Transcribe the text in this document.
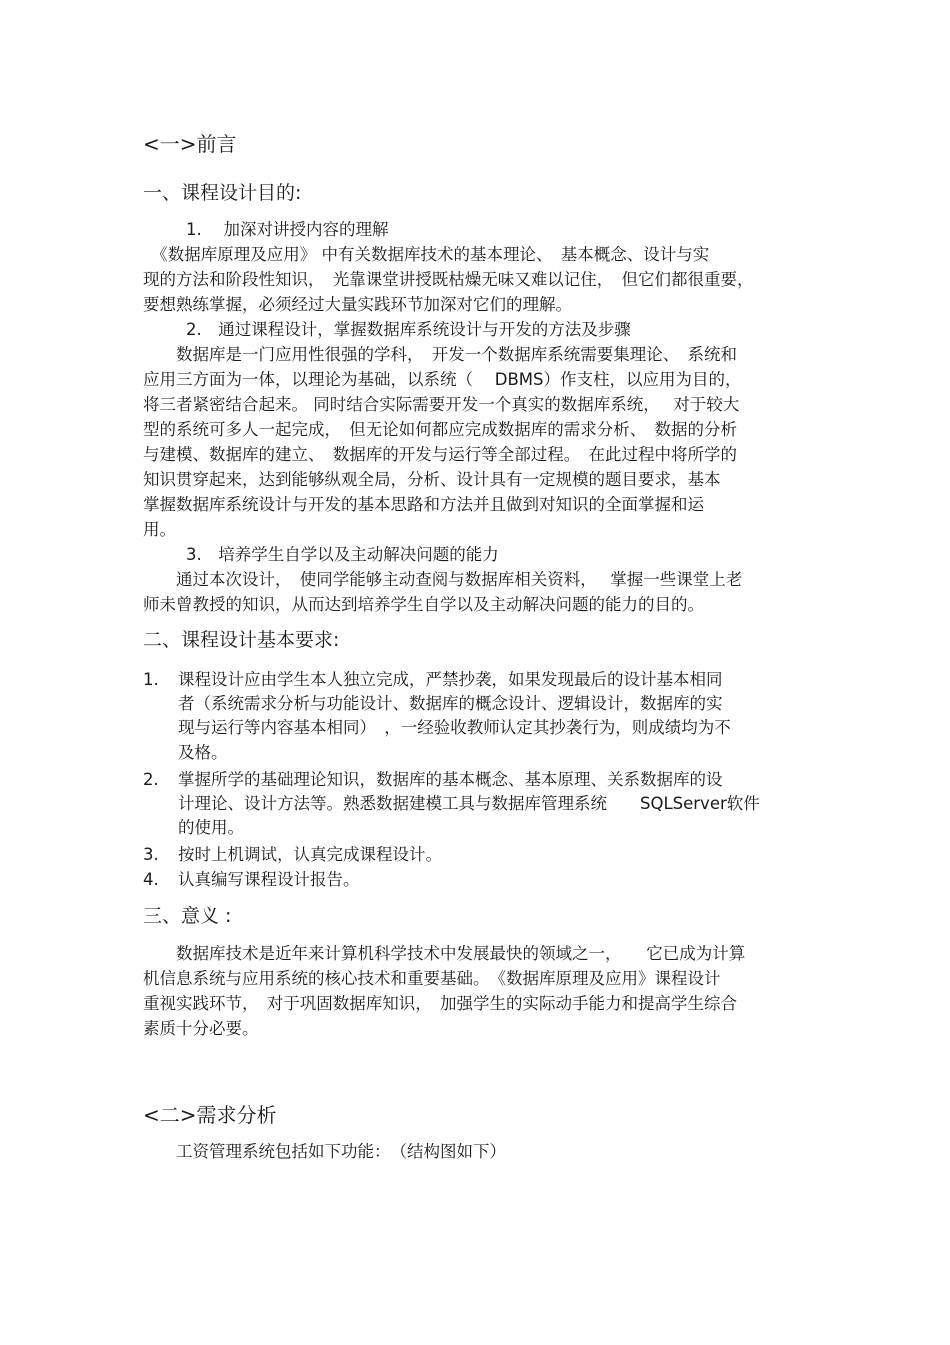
<一>前言
一、课程设计目的:
1.　 加深对讲授内容的理解
　《数据库原理及应用》 中有关数据库技术的基本理论、　基本概念、设计与实
现的方法和阶段性知识，　光靠课堂讲授既枯燥无味又难以记住，　但它们都很重要，
要想熟练掌握，必须经过大量实践环节加深对它们的理解。
2.　通过课程设计，掌握数据库系统设计与开发的方法及步骤
　　数据库是一门应用性很强的学科，　开发一个数据库系统需要集理论、　系统和
应用三方面为一体，以理论为基础，以系统（　 DBMS）作支柱，以应用为目的，
将三者紧密结合起来。 同时结合实际需要开发一个真实的数据库系统，　 对于较大
型的系统可多人一起完成，　但无论如何都应完成数据库的需求分析、　数据的分析
与建模、数据库的建立、　数据库的开发与运行等全部过程。　在此过程中将所学的
知识贯穿起来，达到能够纵观全局，分析、设计具有一定规模的题目要求，基本
掌握数据库系统设计与开发的基本思路和方法并且做到对知识的全面掌握和运
用。
3.　培养学生自学以及主动解决问题的能力
　　通过本次设计，　使同学能够主动查阅与数据库相关资料，　 掌握一些课堂上老
师未曾教授的知识，从而达到培养学生自学以及主动解决问题的能力的目的。
二、课程设计基本要求:
1. 课程设计应由学生本人独立完成，严禁抄袭，如果发现最后的设计基本相同
者（系统需求分析与功能设计、数据库的概念设计、逻辑设计，数据库的实
现与运行等内容基本相同）　，一经验收教师认定其抄袭行为，则成绩均为不
及格。
2. 掌握所学的基础理论知识，数据库的基本概念、基本原理、关系数据库的设
计理论、设计方法等。熟悉数据建模工具与数据库管理系统　　SQLServer软件
的使用。
3. 按时上机调试，认真完成课程设计。
4. 认真编写课程设计报告。
三、意义 :
　　数据库技术是近年来计算机科学技术中发展最快的领域之一，　　它已成为计算
机信息系统与应用系统的核心技术和重要基础。　《数据库原理及应用》课程设计
重视实践环节，　对于巩固数据库知识，　加强学生的实际动手能力和提高学生综合
素质十分必要。
<二>需求分析
　　工资管理系统包括如下功能：　（结构图如下）
